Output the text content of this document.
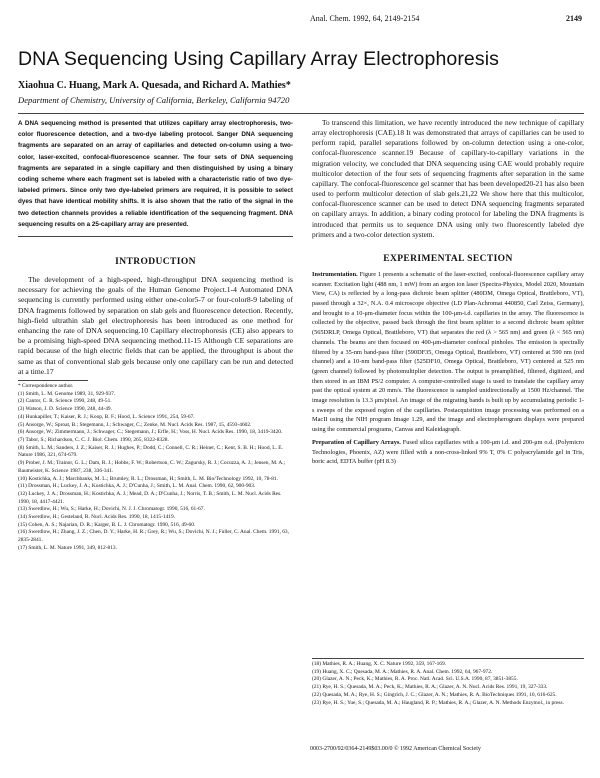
Anal. Chem. 1992, 64, 2149-2154	2149
DNA Sequencing Using Capillary Array Electrophoresis
Xiaohua C. Huang, Mark A. Quesada, and Richard A. Mathies*
Department of Chemistry, University of California, Berkeley, California 94720

A DNA sequencing method is presented that utilizes capillary array electrophoresis, two-color fluorescence detection, and a two-dye labeling protocol. Sanger DNA sequencing fragments are separated on an array of capillaries and detected on-column using a two-color, laser-excited, confocal-fluorescence scanner. The four sets of DNA sequencing fragments are separated in a single capillary and then distinguished by using a binary coding scheme where each fragment set is labeled with a characteristic ratio of two dye-labeled primers. Since only two dye-labeled primers are required, it is possible to select dyes that have identical mobility shifts. It is also shown that the ratio of the signal in the two detection channels provides a reliable identification of the sequencing fragment. DNA sequencing results on a 25-capillary array are presented.

INTRODUCTION

The development of a high-speed, high-throughput DNA sequencing method is necessary for achieving the goals of the Human Genome Project.1-4 Automated DNA sequencing is currently performed using either one-color5-7 or four-color8-9 labeling of DNA fragments followed by separation on slab gels and fluorescence detection. Recently, high-field ultrathin slab gel electrophoresis has been introduced as one method for enhancing the rate of DNA sequencing.10 Capillary electrophoresis (CE) also appears to be a promising high-speed DNA sequencing method.11-15 Although CE separations are rapid because of the high electric fields that can be applied, the throughput is about the same as that of conventional slab gels because only one capillary can be run and detected at a time.17

* Correspondence author.
(1) Smith, L. M. Genome 1989, 31, 929-937.
(2) Cantor, C. R. Science 1990, 248, 49-51.
(3) Watson, J. D. Science 1990, 248, 44-49.
(4) Hunkapiller, T.; Kaiser, R. J.; Koop, B. F.; Hood, L. Science 1991, 254, 59-67.
(5) Ansorge, W.; Sproat, B.; Stegemann, J.; Schwager, C.; Zenke, M. Nucl. Acids Res. 1987, 15, 4593-4602.
(6) Ansorge, W.; Zimmermann, J.; Schwager, C.; Stegemann, J.; Erfle, H.; Voss, H. Nucl. Acids Res. 1990, 18, 3419-3420.
(7) Tabor, S.; Richardson, C. C. J. Biol. Chem. 1990, 265, 8322-8328.
(8) Smith, L. M.; Sanders, J. Z.; Kaiser, R. J.; Hughes, P.; Dodd, C.; Connell, C. R.; Heiner, C.; Kent, S. B. H.; Hood, L. E. Nature 1986, 321, 674-679.
(9) Prober, J. M.; Trainor, G. L.; Dam, R. J.; Hobbs, F. W.; Robertson, C. W.; Zagursky, R. J.; Cocuzza, A. J.; Jensen, M. A.; Baumeister, K. Science 1987, 238, 336-341.
(10) Kostichka, A. J.; Marchbanks, M. L.; Brumley, R. L.; Drossman, H.; Smith, L. M. Bio/Technology 1992, 10, 78-81.
(11) Drossman, H.; Luckey, J. A.; Kostichka, A. J.; D'Cunha, J.; Smith, L. M. Anal. Chem. 1990, 62, 900-903.
(12) Luckey, J. A.; Drossman, H.; Kostichka, A. J.; Mead, D. A.; D'Cunha, J.; Norris, T. B.; Smith, L. M. Nucl. Acids Res. 1990, 18, 4417-4421.
(13) Swerdlow, H.; Wu, S.; Harke, H.; Dovichi, N. J. J. Chromatogr. 1990, 516, 61-67.
(14) Swerdlow, H.; Gesteland, R. Nucl. Acids Res. 1990, 18, 1415-1419.
(15) Cohen, A. S.; Najarian, D. R.; Karger, B. L. J. Chromatogr. 1990, 516, 49-60.
(16) Swerdlow, H.; Zhang, J. Z.; Chen, D. Y.; Harke, H. R.; Grey, R.; Wu, S.; Dovichi, N. J.; Fuller, C. Anal. Chem. 1991, 63, 2835-2841.
(17) Smith, L. M. Nature 1991, 349, 812-813.

To transcend this limitation, we have recently introduced the new technique of capillary array electrophoresis (CAE).18 It was demonstrated that arrays of capillaries can be used to perform rapid, parallel separations followed by on-column detection using a one-color, confocal-fluorescence scanner.19 Because of capillary-to-capillary variations in the migration velocity, we concluded that DNA sequencing using CAE would probably require multicolor detection of the four sets of sequencing fragments after separation in the same capillary. The confocal-fluorescence gel scanner that has been developed20-21 has also been used to perform multicolor detection of slab gels.21,22 We show here that this multicolor, confocal-fluorescence scanner can be used to detect DNA sequencing fragments separated on capillary arrays. In addition, a binary coding protocol for labeling the DNA fragments is introduced that permits us to sequence DNA using only two fluorescently labeled dye primers and a two-color detection system.

EXPERIMENTAL SECTION

Instrumentation. Figure 1 presents a schematic of the laser-excited, confocal-fluorescence capillary array scanner. Excitation light (488 nm, 1 mW) from an argon ion laser (Spectra-Physics, Model 2020, Mountain View, CA) is reflected by a long-pass dichroic beam splitter (480DM, Omega Optical, Brattleboro, VT), passed through a 32×, N.A. 0.4 microscope objective (LD Plan-Achromat 440850, Carl Zeiss, Germany), and brought to a 10-μm-diameter focus within the 100-μm-i.d. capillaries in the array. The fluorescence is collected by the objective, passed back through the first beam splitter to a second dichroic beam splitter (565DRLP, Omega Optical, Brattleboro, VT) that separates the red (λ > 565 nm) and green (λ < 565 nm) channels. The beams are then focused on 400-μm-diameter confocal pinholes. The emission is spectrally filtered by a 35-nm band-pass filter (590DF35, Omega Optical, Brattleboro, VT) centered at 590 nm (red channel) and a 10-nm band-pass filter (525DF10, Omega Optical, Brattleboro, VT) centered at 525 nm (green channel) followed by photomultiplier detection. The output is preamplified, filtered, digitized, and then stored in an IBM PS/2 computer. A computer-controlled stage is used to translate the capillary array past the optical system at 20 mm/s. The fluorescence is sampled unidirectionally at 1500 Hz/channel. The image resolution is 13.3 μm/pixel. An image of the migrating bands is built up by accumulating periodic 1-s sweeps of the exposed region of the capillaries. Postacquisition image processing was performed on a MacII using the NIH program Image 1.29, and the image and electropherogram displays were prepared using the commercial programs, Canvas and Kaleidagraph.

Preparation of Capillary Arrays. Fused silica capillaries with a 100-μm i.d. and 200-μm o.d. (Polymicro Technologies, Phoenix, AZ) were filled with a non-cross-linked 9% T, 0% C polyacrylamide gel in Tris, boric acid, EDTA buffer (pH 8.3)

(18) Mathies, R. A.; Huang, X. C. Nature 1992, 359, 167-169.
(19) Huang, X. C.; Quesada, M. A.; Mathies, R. A. Anal. Chem. 1992, 64, 967-972.
(20) Glazer, A. N.; Peck, K.; Mathies, R. A. Proc. Natl. Acad. Sci. U.S.A. 1990, 87, 3851-3855.
(21) Rye, H. S.; Quesada, M. A.; Peck, K.; Mathies, R. A.; Glazer, A. N. Nucl. Acids Res. 1991, 19, 327-333.
(22) Quesada, M. A.; Rye, H. S.; Gingrich, J. C.; Glazer, A. N.; Mathies, R. A. BioTechniques 1991, 10, 616-625.
(23) Rye, H. S.; Yue, S.; Quesada, M. A.; Haugland, R. P.; Mathies, R. A.; Glazer, A. N. Methods Enzymol., in press.
0003-2700/92/0364-2149$03.00/0 © 1992 American Chemical Society
